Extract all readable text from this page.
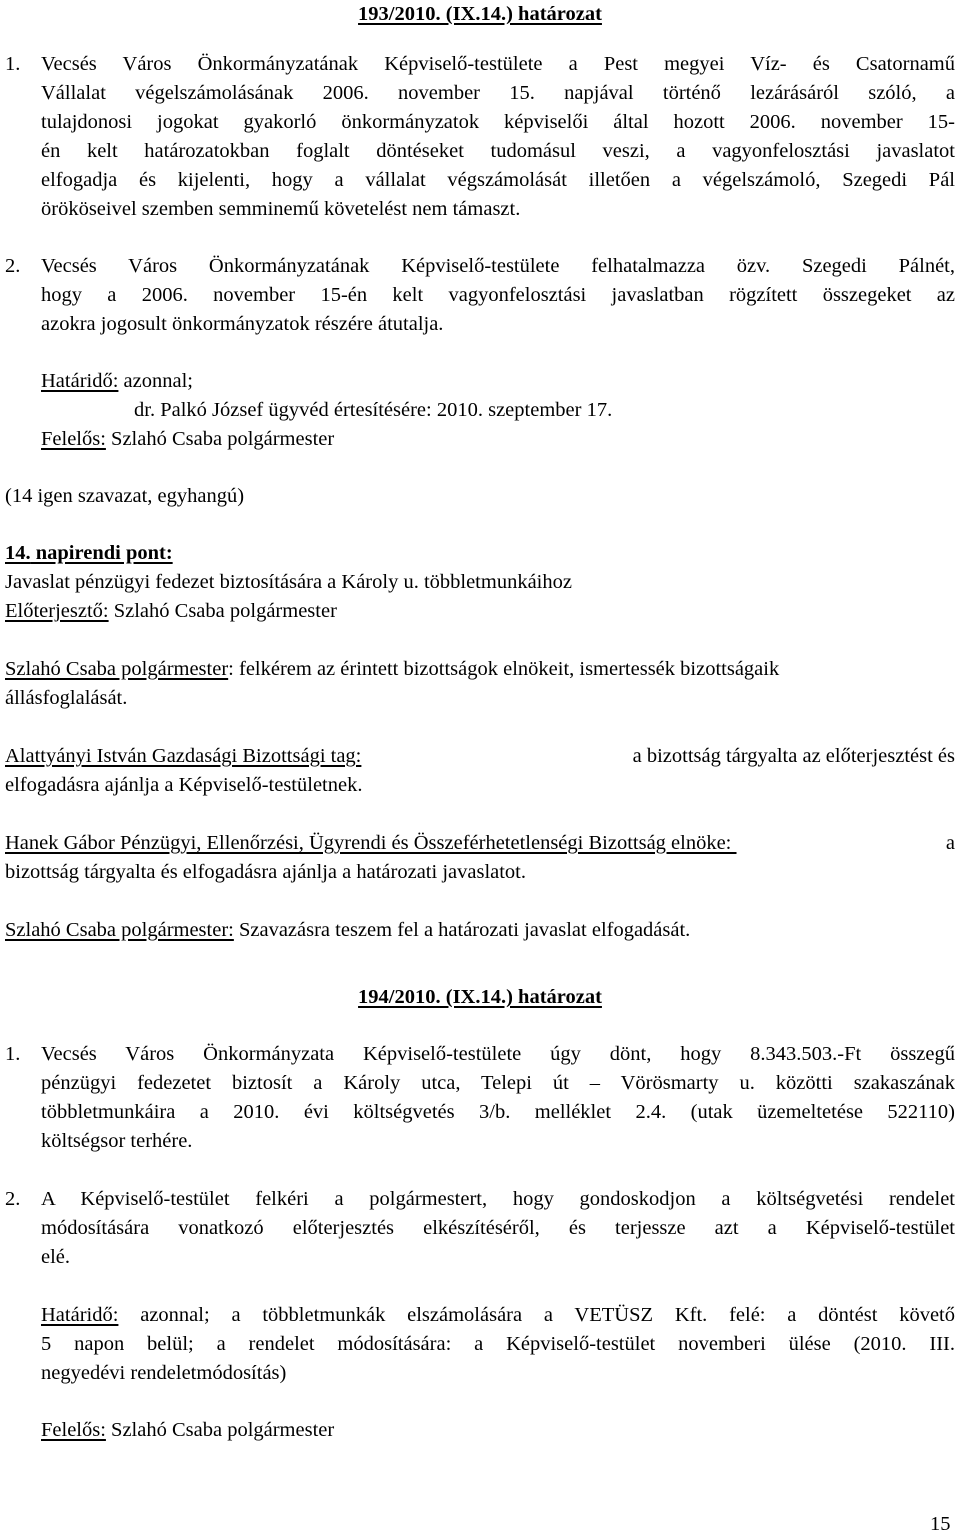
193/2010. (IX.14.) határozat
1. Vecsés Város Önkormányzatának Képviselő-testülete a Pest megyei Víz- és Csatornamű
Vállalat végelszámolásának 2006. november 15. napjával történő lezárásáról szóló, a
tulajdonosi jogokat gyakorló önkormányzatok képviselői által hozott 2006. november 15-
én kelt határozatokban foglalt döntéseket tudomásul veszi, a vagyonfelosztási javaslatot
elfogadja és kijelenti, hogy a vállalat végszámolását illetően a végelszámoló, Szegedi Pál
örököseivel szemben semminemű követelést nem támaszt.
2. Vecsés Város Önkormányzatának Képviselő-testülete felhatalmazza özv. Szegedi Pálnét,
hogy a 2006. november 15-én kelt vagyonfelosztási javaslatban rögzített összegeket az
azokra jogosult önkormányzatok részére átutalja.
Határidő: azonnal;
dr. Palkó József ügyvéd értesítésére: 2010. szeptember 17.
Felelős: Szlahó Csaba polgármester
(14 igen szavazat, egyhangú)
14. napirendi pont:
Javaslat pénzügyi fedezet biztosítására a Károly u. többletmunkáihoz
Előterjesztő: Szlahó Csaba polgármester
Szlahó Csaba polgármester: felkérem az érintett bizottságok elnökeit, ismertessék bizottságaik
állásfoglalását.
Alattyányi István Gazdasági Bizottsági tag:	a bizottság tárgyalta az előterjesztést és
elfogadásra ajánlja a Képviselő-testületnek.
Hanek Gábor Pénzügyi, Ellenőrzési, Ügyrendi és Összeférhetetlenségi Bizottság elnöke:	a
bizottság tárgyalta és elfogadásra ajánlja a határozati javaslatot.
Szlahó Csaba polgármester: Szavazásra teszem fel a határozati javaslat elfogadását.
194/2010. (IX.14.) határozat
1. Vecsés Város Önkormányzata Képviselő-testülete úgy dönt, hogy 8.343.503.-Ft összegű
pénzügyi fedezetet biztosít a Károly utca, Telepi út – Vörösmarty u. közötti szakaszának
többletmunkáira a 2010. évi költségvetés 3/b. melléklet 2.4. (utak üzemeltetése 522110)
költségsor terhére.
2. A Képviselő-testület felkéri a polgármestert, hogy gondoskodjon a költségvetési rendelet
módosítására vonatkozó előterjesztés elkészítéséről, és terjessze azt a Képviselő-testület
elé.
Határidő: azonnal; a többletmunkák elszámolására a VETÜSZ Kft. felé: a döntést követő
5 napon belül; a rendelet módosítására: a Képviselő-testület novemberi ülése (2010. III.
negyedévi rendeletmódosítás)
Felelős: Szlahó Csaba polgármester
15
